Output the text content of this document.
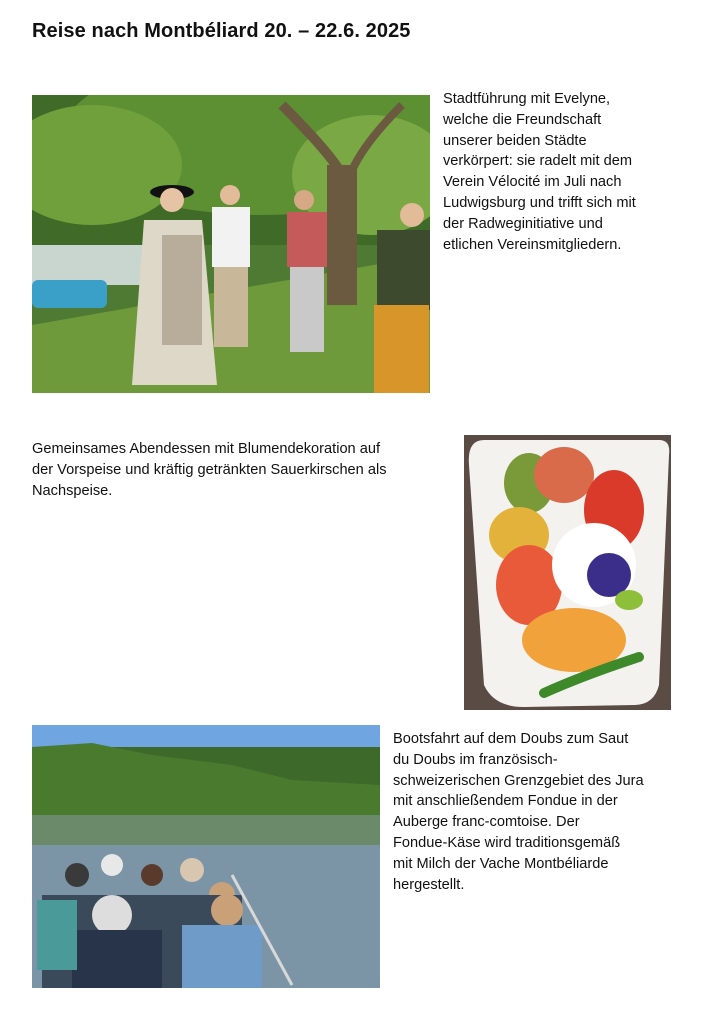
Reise nach Montbéliard 20. – 22.6. 2025

Stadtführung mit Evelyne,
welche die Freundschaft
unserer beiden Städte
verkörpert: sie radelt mit dem
Verein Vélocité im Juli nach
Ludwigsburg und trifft sich mit
der Radweginitiative und
etlichen Vereinsmitgliedern.

Gemeinsames Abendessen mit Blumendekoration auf
der Vorspeise und kräftig getränkten Sauerkirschen als
Nachspeise.

Bootsfahrt auf dem Doubs zum Saut
du Doubs im französisch-
schweizerischen Grenzgebiet des Jura
mit anschließendem Fondue in der
Auberge franc-comtoise. Der
Fondue-Käse wird traditionsgemäß
mit Milch der Vache Montbéliarde
hergestellt.
